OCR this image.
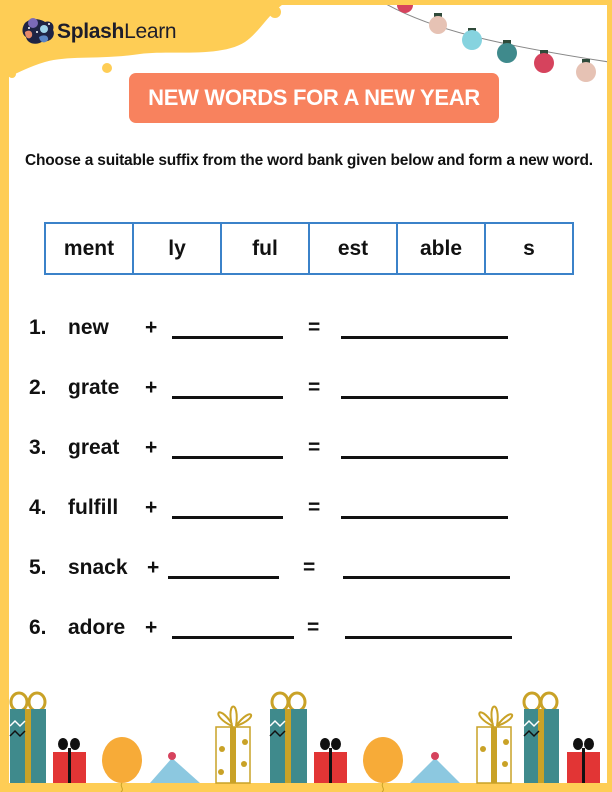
SplashLearn
NEW WORDS FOR A NEW YEAR
Choose a suitable suffix from the word bank given below and form a new word.
ment	ly	ful	est	able	s
1. new +	=
2. grate +	=
3. great +	=
4. fulfill +	=
5. snack +	=
6. adore +	=
